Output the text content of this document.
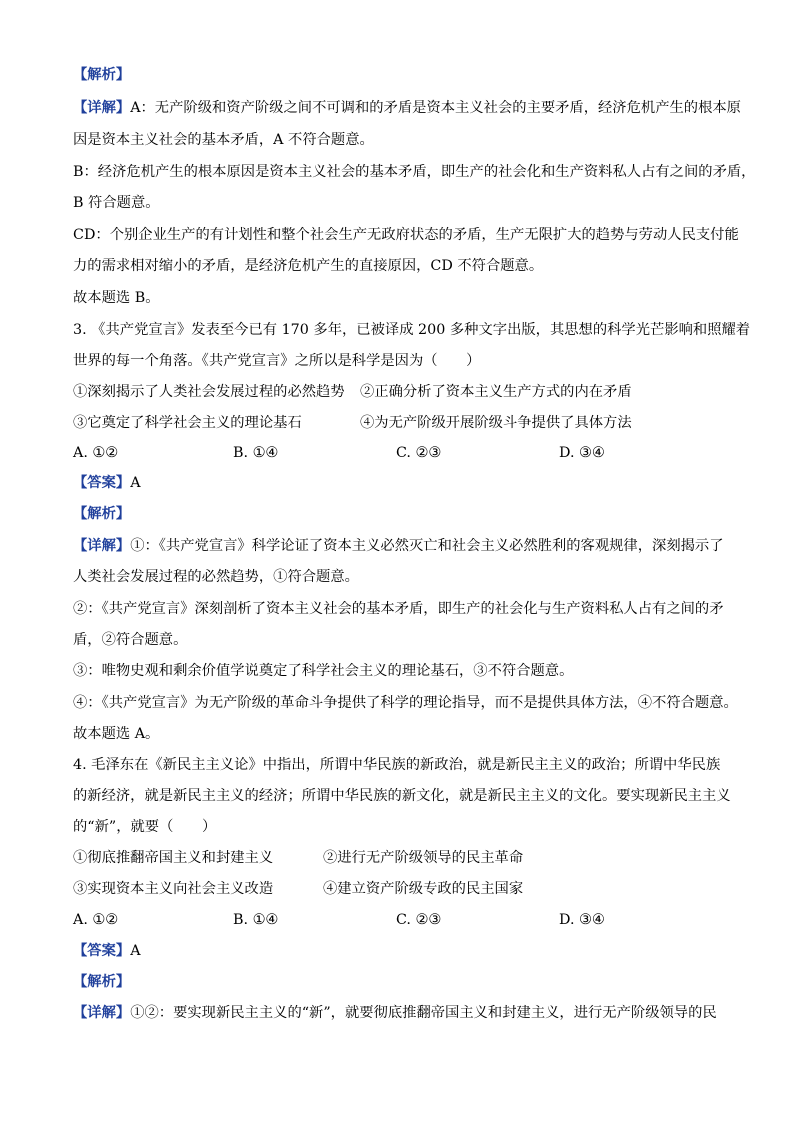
【解析】
【详解】A：无产阶级和资产阶级之间不可调和的矛盾是资本主义社会的主要矛盾，经济危机产生的根本原
因是资本主义社会的基本矛盾，A 不符合题意。
B：经济危机产生的根本原因是资本主义社会的基本矛盾，即生产的社会化和生产资料私人占有之间的矛盾，
B 符合题意。
CD：个别企业生产的有计划性和整个社会生产无政府状态的矛盾，生产无限扩大的趋势与劳动人民支付能
力的需求相对缩小的矛盾，是经济危机产生的直接原因，CD 不符合题意。
故本题选 B。
3. 《共产党宣言》发表至今已有 170 多年，已被译成 200 多种文字出版，其思想的科学光芒影响和照耀着
世界的每一个角落。《共产党宣言》之所以是科学是因为（　　）
①深刻揭示了人类社会发展过程的必然趋势 ②正确分析了资本主义生产方式的内在矛盾
③它奠定了科学社会主义的理论基石	④为无产阶级开展阶级斗争提供了具体方法
A. ①②	B. ①④	C. ②③	D. ③④
【答案】A
【解析】
【详解】①：《共产党宣言》科学论证了资本主义必然灭亡和社会主义必然胜利的客观规律，深刻揭示了
人类社会发展过程的必然趋势，①符合题意。
②：《共产党宣言》深刻剖析了资本主义社会的基本矛盾，即生产的社会化与生产资料私人占有之间的矛
盾，②符合题意。
③：唯物史观和剩余价值学说奠定了科学社会主义的理论基石，③不符合题意。
④：《共产党宣言》为无产阶级的革命斗争提供了科学的理论指导，而不是提供具体方法，④不符合题意。
故本题选 A。
4. 毛泽东在《新民主主义论》中指出，所谓中华民族的新政治，就是新民主主义的政治；所谓中华民族
的新经济，就是新民主主义的经济；所谓中华民族的新文化，就是新民主主义的文化。要实现新民主主义
的“新”，就要（　　）
①彻底推翻帝国主义和封建主义	②进行无产阶级领导的民主革命
③实现资本主义向社会主义改造	④建立资产阶级专政的民主国家
A. ①②	B. ①④	C. ②③	D. ③④
【答案】A
【解析】
【详解】①②：要实现新民主主义的“新”，就要彻底推翻帝国主义和封建主义，进行无产阶级领导的民
